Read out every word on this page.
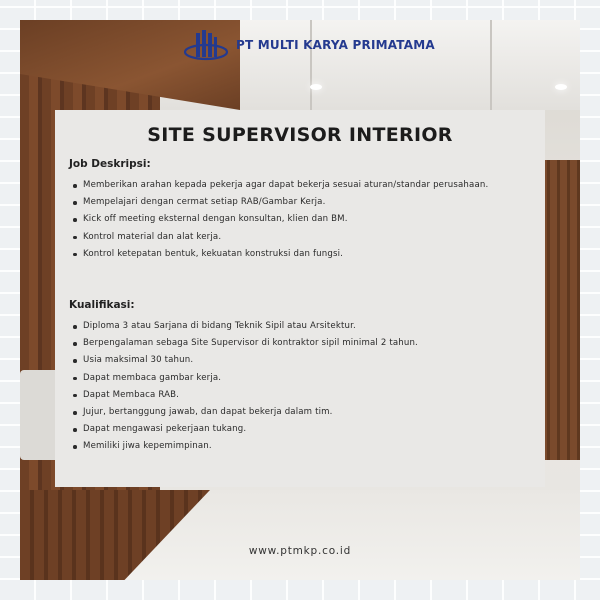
PT MULTI KARYA PRIMATAMA
SITE SUPERVISOR INTERIOR
Job Deskripsi:
Memberikan arahan kepada pekerja agar dapat bekerja sesuai aturan/standar perusahaan.
Mempelajari dengan cermat setiap RAB/Gambar Kerja.
Kick off meeting eksternal dengan konsultan, klien dan BM.
Kontrol material dan alat kerja.
Kontrol ketepatan bentuk, kekuatan konstruksi dan fungsi.
Kualifikasi:
Diploma 3 atau Sarjana di bidang Teknik Sipil atau Arsitektur.
Berpengalaman sebaga Site Supervisor di kontraktor sipil minimal 2 tahun.
Usia maksimal 30 tahun.
Dapat membaca gambar kerja.
Dapat Membaca RAB.
Jujur, bertanggung jawab, dan dapat bekerja dalam tim.
Dapat mengawasi pekerjaan tukang.
Memiliki jiwa kepemimpinan.
www.ptmkp.co.id
